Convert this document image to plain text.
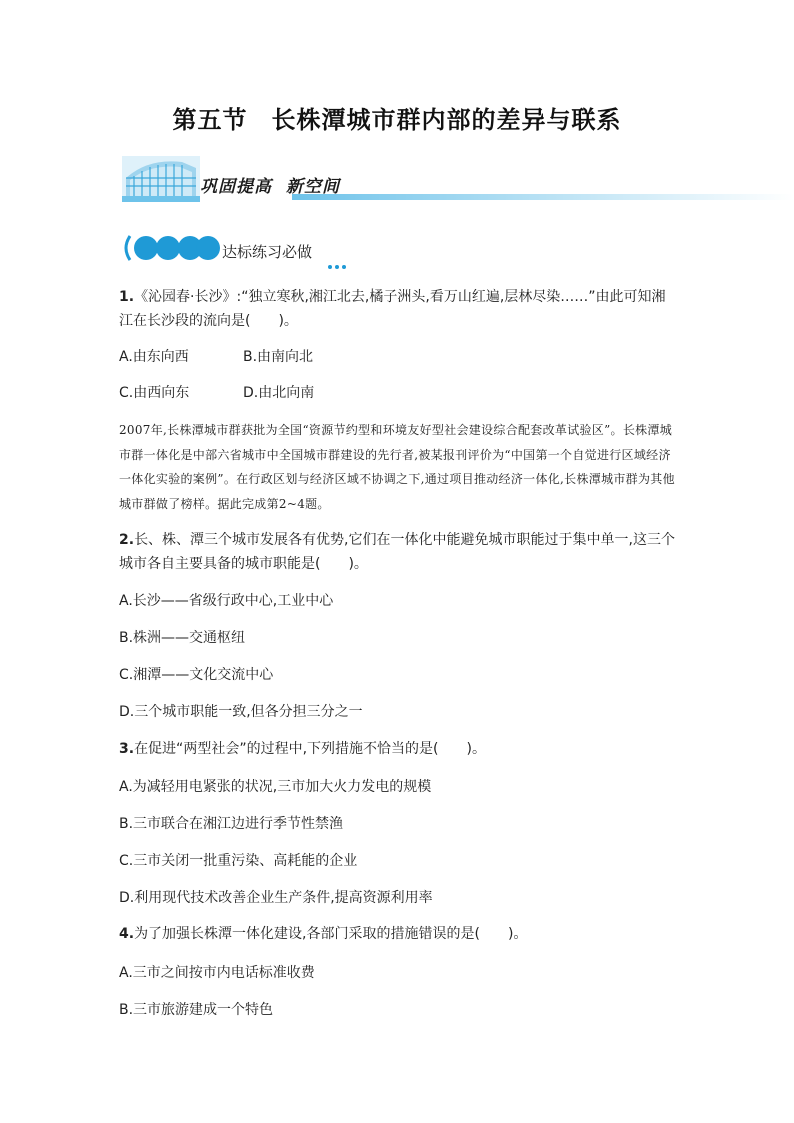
第五节 长株潭城市群内部的差异与联系
巩固提高 新空间
达标练习必做
1.《沁园春·长沙》:“独立寒秋,湘江北去,橘子洲头,看万山红遍,层林尽染……”由此可知湘江在长沙段的流向是(　　)。
A.由东向西	B.由南向北
C.由西向东	D.由北向南
2007年,长株潭城市群获批为全国“资源节约型和环境友好型社会建设综合配套改革试验区”。长株潭城市群一体化是中部六省城市中全国城市群建设的先行者,被某报刊评价为“中国第一个自觉进行区域经济一体化实验的案例”。在行政区划与经济区域不协调之下,通过项目推动经济一体化,长株潭城市群为其他城市群做了榜样。据此完成第2~4题。
2.长、株、潭三个城市发展各有优势,它们在一体化中能避免城市职能过于集中单一,这三个城市各自主要具备的城市职能是(　　)。
A.长沙——省级行政中心,工业中心
B.株洲——交通枢纽
C.湘潭——文化交流中心
D.三个城市职能一致,但各分担三分之一
3.在促进“两型社会”的过程中,下列措施不恰当的是(　　)。
A.为减轻用电紧张的状况,三市加大火力发电的规模
B.三市联合在湘江边进行季节性禁渔
C.三市关闭一批重污染、高耗能的企业
D.利用现代技术改善企业生产条件,提高资源利用率
4.为了加强长株潭一体化建设,各部门采取的措施错误的是(　　)。
A.三市之间按市内电话标准收费
B.三市旅游建成一个特色
